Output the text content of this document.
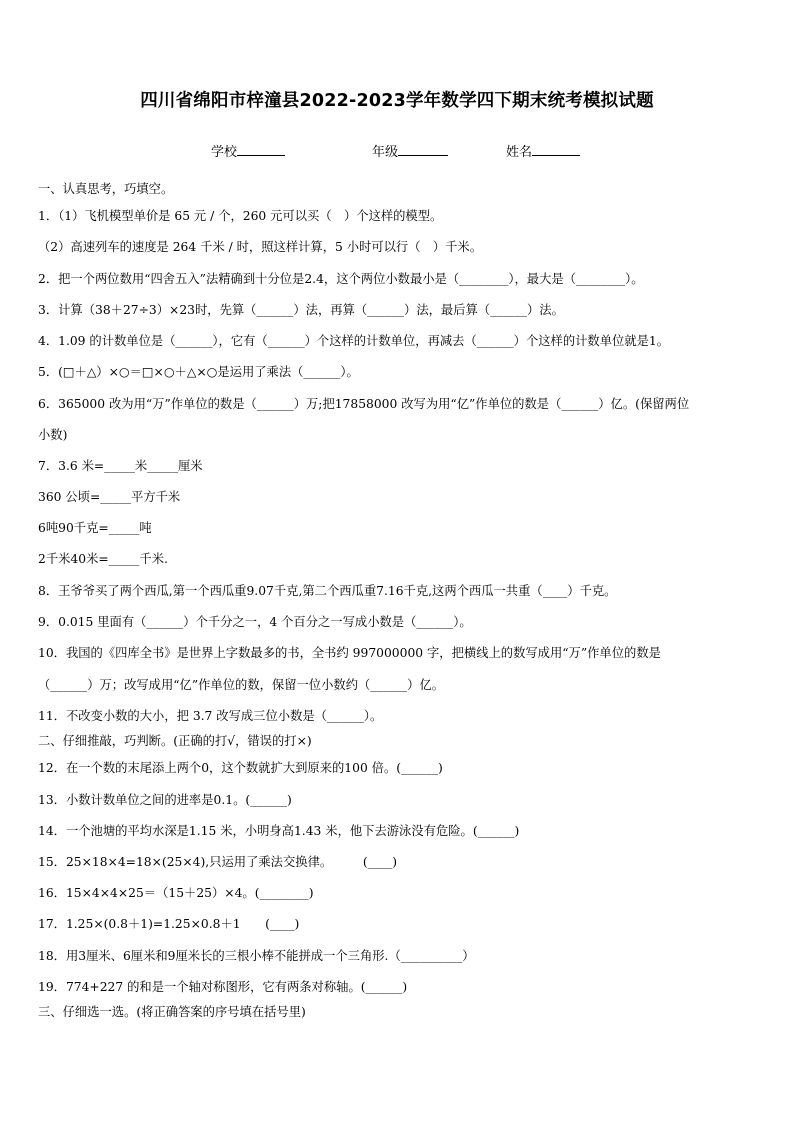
四川省绵阳市梓潼县2022-2023学年数学四下期末统考模拟试题
学校	年级	姓名
一、认真思考，巧填空。
1．（1）飞机模型单价是 65 元 / 个，260 元可以买（　）个这样的模型。
（2）高速列车的速度是 264 千米 / 时，照这样计算，5 小时可以行（　）千米。
2．把一个两位数用“四舍五入”法精确到十分位是2.4，这个两位小数最小是（________），最大是（________）。
3．计算（38＋27÷3）×23时，先算（______）法，再算（______）法，最后算（______）法。
4．1.09 的计数单位是（______），它有（______）个这样的计数单位，再减去（______）个这样的计数单位就是1。
5．(□＋△）×○＝□×○＋△×○是运用了乘法（______）。
6．365000 改为用“万”作单位的数是（______）万;把17858000 改写为用“亿”作单位的数是（______）亿。(保留两位
小数)
7．3.6 米=_____米_____厘米
360 公顷=_____平方千米
6吨90千克=_____吨
2千米40米=_____千米.
8．王爷爷买了两个西瓜,第一个西瓜重9.07千克,第二个西瓜重7.16千克,这两个西瓜一共重（____）千克。
9．0.015 里面有（______）个千分之一，4 个百分之一写成小数是（______）。
10．我国的《四库全书》是世界上字数最多的书，全书约 997000000 字，把横线上的数写成用“万”作单位的数是
（______）万；改写成用“亿”作单位的数，保留一位小数约（______）亿。
11．不改变小数的大小，把 3.7 改写成三位小数是（______）。
二、仔细推敲，巧判断。(正确的打√，错误的打×)
12．在一个数的末尾添上两个0，这个数就扩大到原来的100 倍。(______)
13．小数计数单位之间的进率是0.1。(______)
14．一个池塘的平均水深是1.15 米，小明身高1.43 米，他下去游泳没有危险。(______)
15．25×18×4=18×(25×4),只运用了乘法交换律。　　　(____)
16．15×4×4×25＝（15＋25）×4。(________)
17．1.25×(0.8＋1)=1.25×0.8＋1　　(____)
18．用3厘米、6厘米和9厘米长的三根小棒不能拼成一个三角形.（__________）
19．774+227 的和是一个轴对称图形，它有两条对称轴。(______)
三、仔细选一选。(将正确答案的序号填在括号里)
